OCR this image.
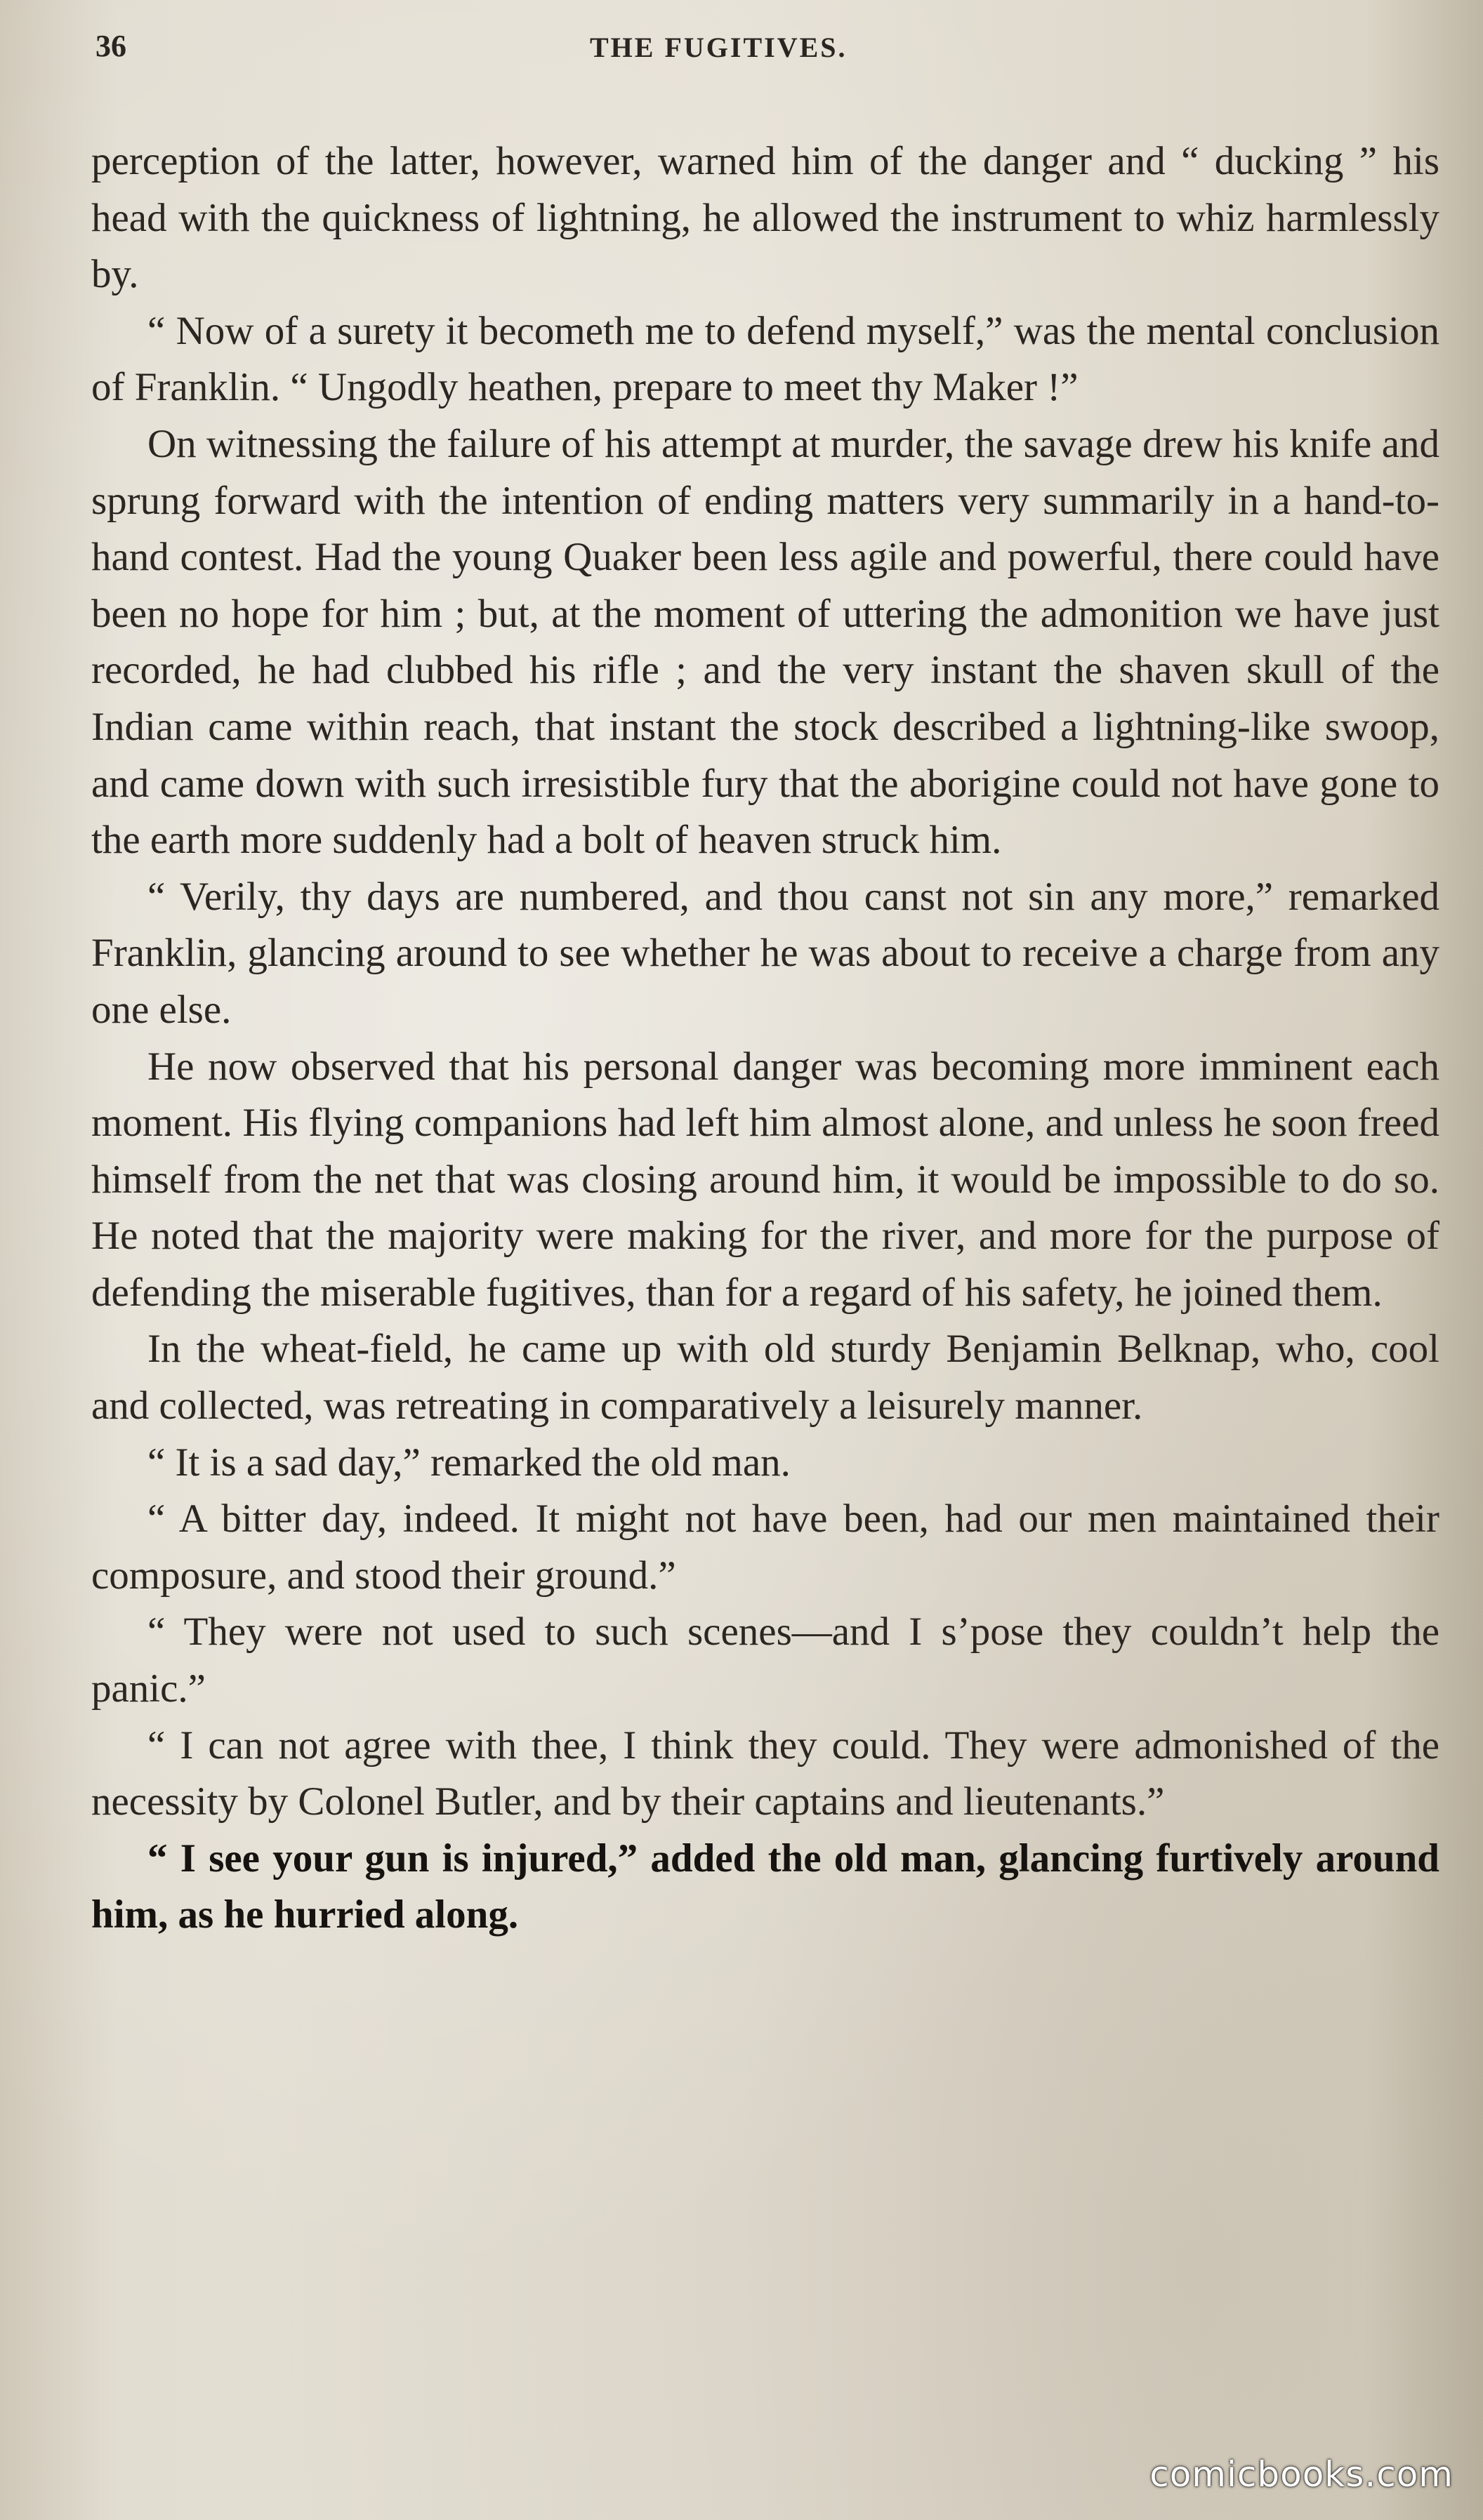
36	THE FUGITIVES.

perception of the latter, however, warned him of the danger and “ ducking ” his head with the quickness of lightning, he allowed the instrument to whiz harmlessly by.

“ Now of a surety it becometh me to defend myself,” was the mental conclusion of Franklin. “ Ungodly heathen, prepare to meet thy Maker !”

On witnessing the failure of his attempt at murder, the savage drew his knife and sprung forward with the intention of ending matters very summarily in a hand-to-hand contest. Had the young Quaker been less agile and powerful, there could have been no hope for him ; but, at the moment of uttering the admonition we have just recorded, he had clubbed his rifle ; and the very instant the shaven skull of the Indian came within reach, that instant the stock described a lightning-like swoop, and came down with such irresistible fury that the aborigine could not have gone to the earth more suddenly had a bolt of heaven struck him.

“ Verily, thy days are numbered, and thou canst not sin any more,” remarked Franklin, glancing around to see whether he was about to receive a charge from any one else.

He now observed that his personal danger was becoming more imminent each moment. His flying companions had left him almost alone, and unless he soon freed himself from the net that was closing around him, it would be impossible to do so. He noted that the majority were making for the river, and more for the purpose of defending the miserable fugitives, than for a regard of his safety, he joined them.

In the wheat-field, he came up with old sturdy Benjamin Belknap, who, cool and collected, was retreating in comparatively a leisurely manner.

“ It is a sad day,” remarked the old man.

“ A bitter day, indeed. It might not have been, had our men maintained their composure, and stood their ground.”

“ They were not used to such scenes—and I s’pose they couldn’t help the panic.”

“ I can not agree with thee, I think they could. They were admonished of the necessity by Colonel Butler, and by their captains and lieutenants.”

“ I see your gun is injured,” added the old man, glancing furtively around him, as he hurried along.

comicbooks.com
